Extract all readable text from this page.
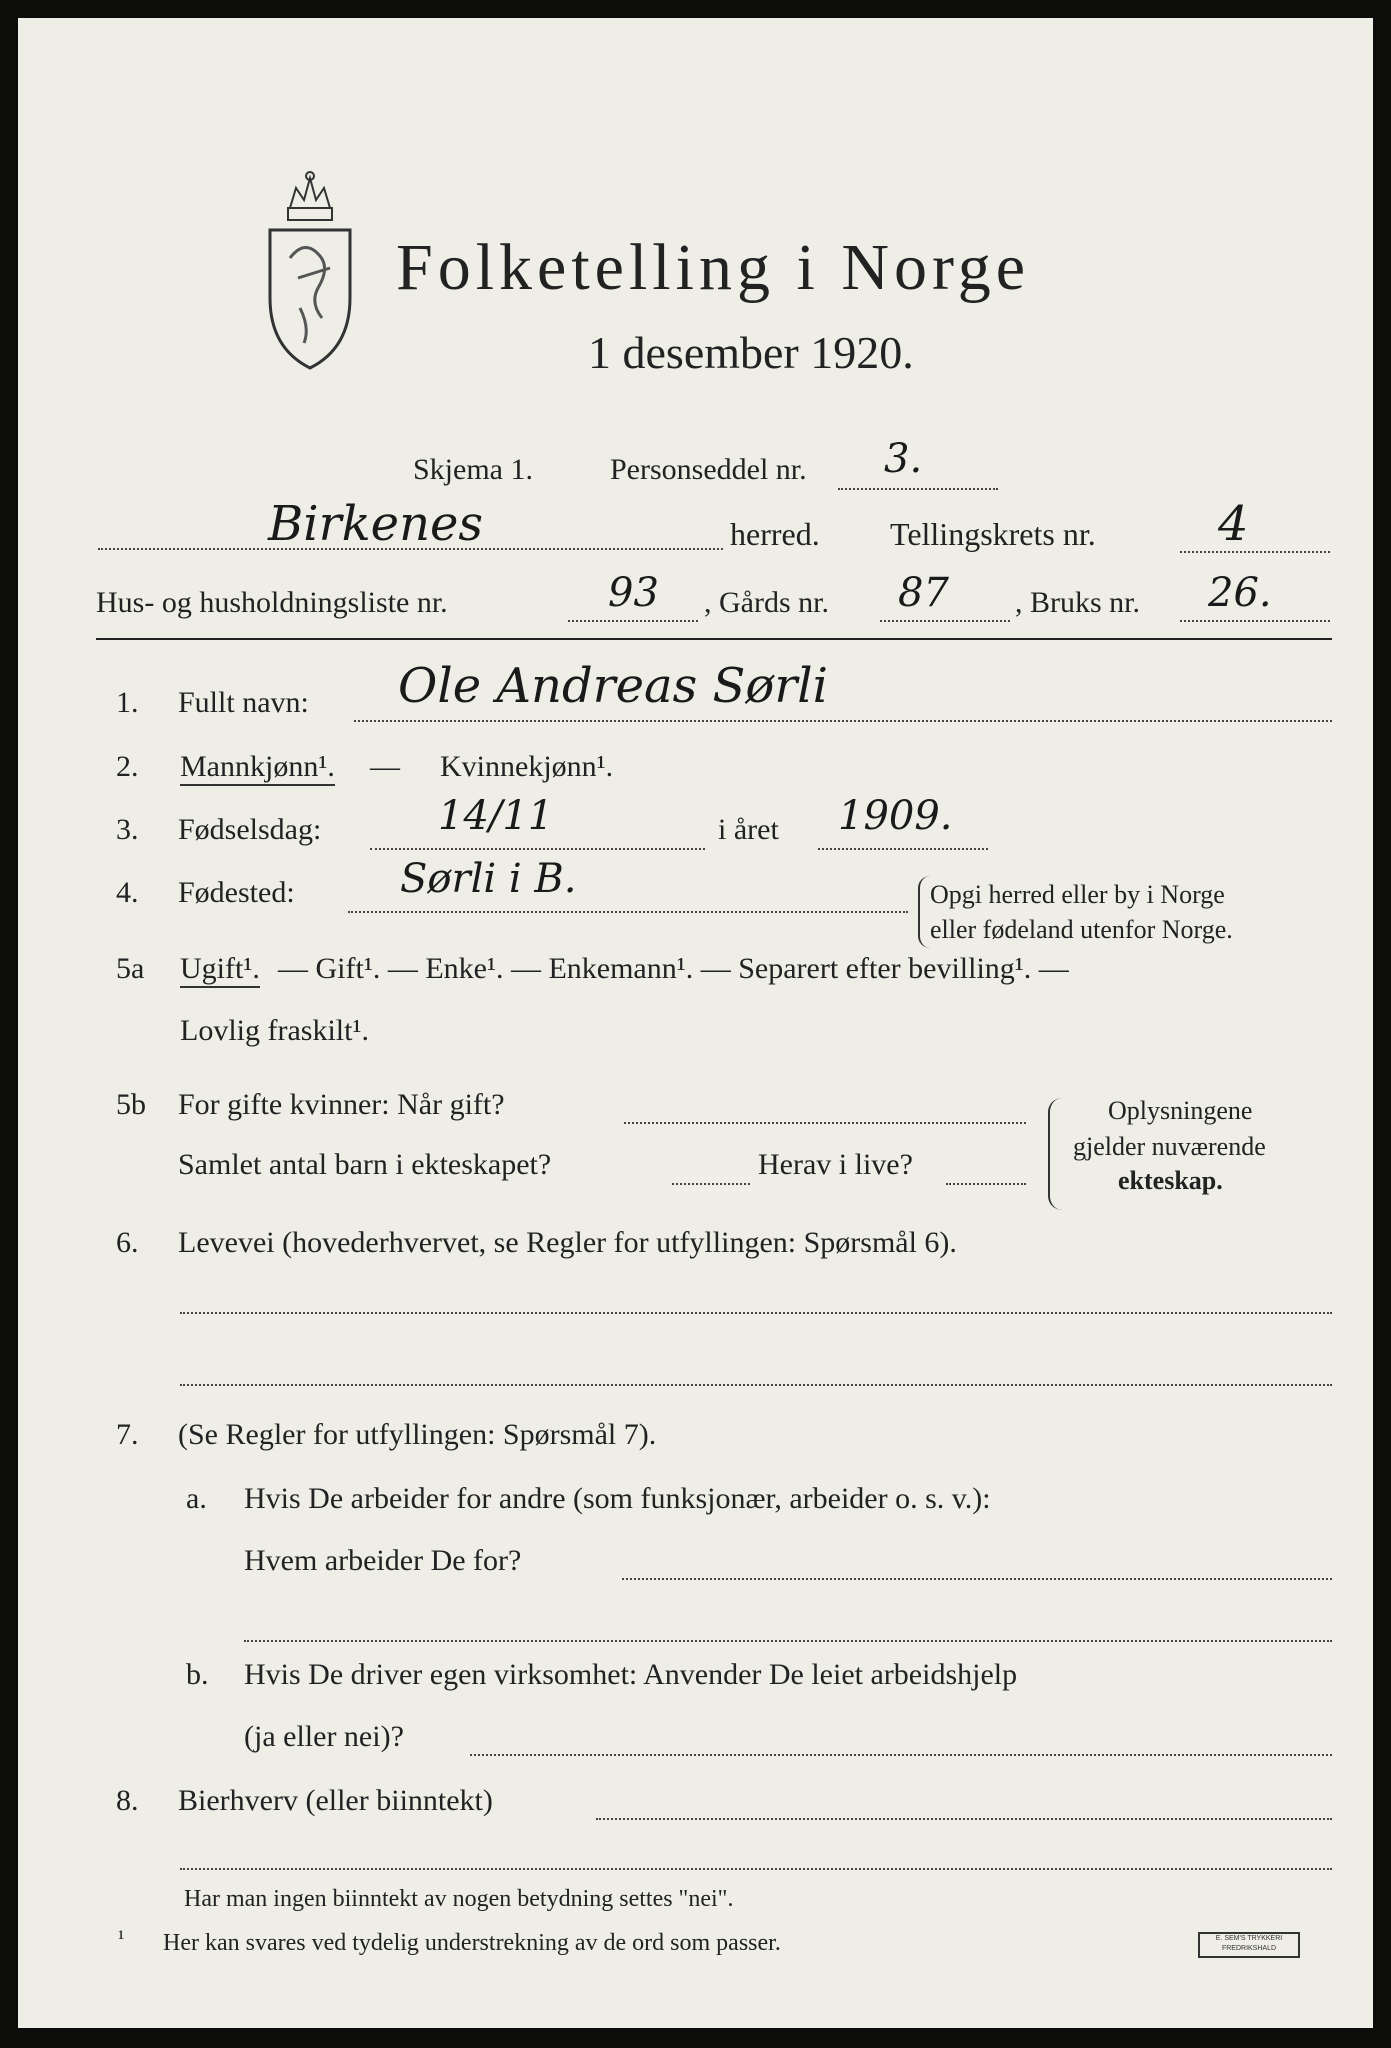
Folketelling i Norge
1 desember 1920.
Skjema 1.	Personseddel nr. 3.
Birkenes	herred. Tellingskrets nr.	4
Hus- og husholdningsliste nr.	93 , Gårds nr. 87 , Bruks nr. 26.
1. Fullt navn: Ole Andreas Sørli
2. Mannkjønn¹. — Kvinnekjønn¹.
3. Fødselsdag:	14/11	i året 1909.
4. Fødested:	Sørli i B.	Opgi herred eller by i Norge
eller fødeland utenfor Norge.
5a Ugift¹. — Gift¹. — Enke¹. — Enkemann¹. — Separert efter bevilling¹. —
Lovlig fraskilt¹.
5b For gifte kvinner: Når gift?
Samlet antal barn i ekteskapet?	Herav i live?
Oplysningene
gjelder nuværende
ekteskap.
6. Levevei (hovederhvervet, se Regler for utfyllingen: Spørsmål 6).
7. (Se Regler for utfyllingen: Spørsmål 7).
a. Hvis De arbeider for andre (som funksjonær, arbeider o. s. v.):
Hvem arbeider De for?
b. Hvis De driver egen virksomhet: Anvender De leiet arbeidshjelp
(ja eller nei)?
8. Bierhverv (eller biinntekt)
Har man ingen biinntekt av nogen betydning settes "nei".
¹ Her kan svares ved tydelig understrekning av de ord som passer.	E. SEM'S TRYKKERI FREDRIKSHALD
